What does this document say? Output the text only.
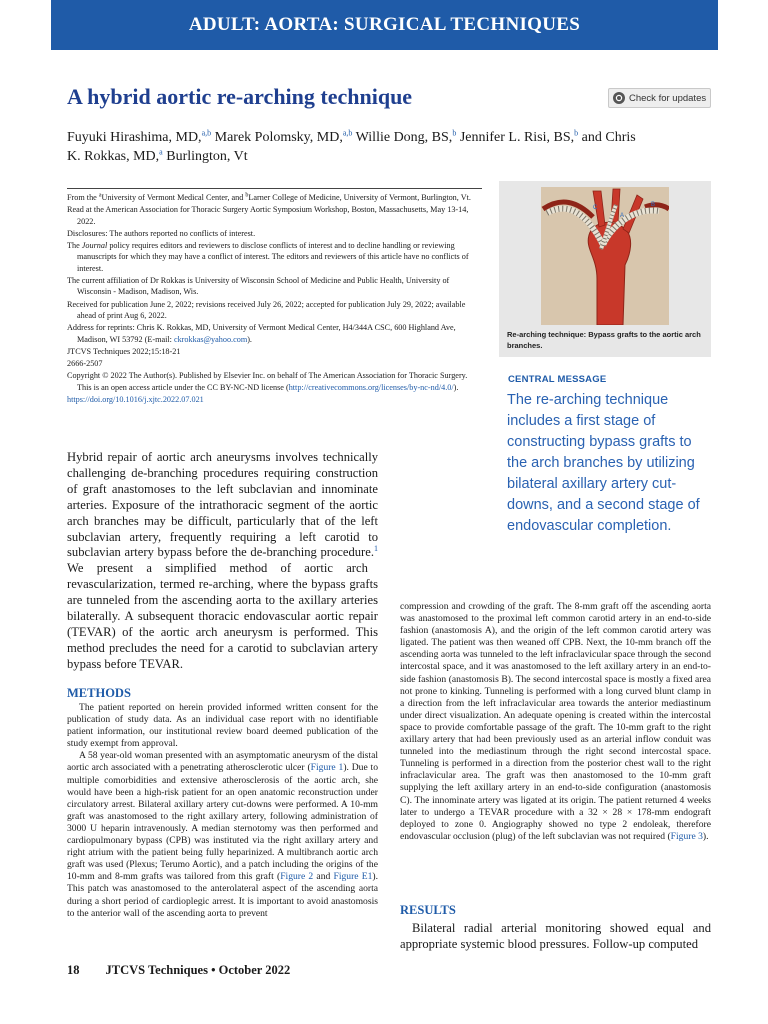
ADULT: AORTA: SURGICAL TECHNIQUES
A hybrid aortic re-arching technique	Check for updates
Fuyuki Hirashima, MD,$^{a,b}$ Marek Polomsky, MD,$^{a,b}$ Willie Dong, BS,$^b$ Jennifer L. Risi, BS,$^b$ and Chris K. Rokkas, MD,$^a$ Burlington, Vt

From the $^a$University of Vermont Medical Center, and $^b$Larner College of Medicine, University of Vermont, Burlington, Vt.

Read at the American Association for Thoracic Surgery Aortic Symposium Workshop, Boston, Massachusetts, May 13-14, 2022.

Disclosures: The authors reported no conflicts of interest.

The Journal policy requires editors and reviewers to disclose conflicts of interest and to decline handling or reviewing manuscripts for which they may have a conflict of interest. The editors and reviewers of this article have no conflicts of interest.

The current affiliation of Dr Rokkas is University of Wisconsin School of Medicine and Public Health, University of Wisconsin - Madison, Madison, Wis.

Received for publication June 2, 2022; revisions received July 26, 2022; accepted for publication July 29, 2022; available ahead of print Aug 6, 2022.

Address for reprints: Chris K. Rokkas, MD, University of Vermont Medical Center, H4/344A CSC, 600 Highland Ave, Madison, WI 53792 (E-mail: ckrokkas@yahoo.com).

JTCVS Techniques 2022;15:18-21

2666-2507

Copyright © 2022 The Author(s). Published by Elsevier Inc. on behalf of The American Association for Thoracic Surgery. This is an open access article under the CC BY-NC-ND license (http://creativecommons.org/licenses/by-nc-nd/4.0/).

https://doi.org/10.1016/j.xjtc.2022.07.021

A
B
C
Re-arching technique: Bypass grafts to the aortic arch branches.
CENTRAL MESSAGE
The re-arching technique includes a first stage of constructing bypass grafts to the arch branches by utilizing bilateral axillary artery cut-downs, and a second stage of endovascular completion.

Hybrid repair of aortic arch aneurysms involves technically challenging de-branching procedures requiring construction of graft anastomoses to the left subclavian and innominate arteries. Exposure of the intrathoracic segment of the aortic arch branches may be difficult, particularly that of the left subclavian artery, frequently requiring a left carotid to subclavian artery bypass before the de-branching procedure.$^1$ We present a simplified method of aortic arch revascularization, termed re-arching, where the bypass grafts are tunneled from the ascending aorta to the axillary arteries bilaterally. A subsequent thoracic endovascular aortic repair (TEVAR) of the aortic arch aneurysm is performed. This method precludes the need for a carotid to subclavian artery bypass before TEVAR.

METHODS

The patient reported on herein provided informed written consent for the publication of study data. As an individual case report with no identifiable patient information, our institutional review board deemed publication of the study exempt from approval.

A 58 year-old woman presented with an asymptomatic aneurysm of the distal aortic arch associated with a penetrating atherosclerotic ulcer (Figure 1). Due to multiple comorbidities and extensive atherosclerosis of the aortic arch, she would have been a high-risk patient for an open anatomic reconstruction under circulatory arrest. Bilateral axillary artery cut-downs were performed. A 10-mm graft was anastomosed to the right axillary artery, following administration of 3000 U heparin intravenously. A median sternotomy was then performed and cardiopulmonary bypass (CPB) was instituted via the right axillary artery and right atrium with the patient being fully heparinized. A multibranch aortic arch graft was used (Plexus; Terumo Aortic), and a patch including the origins of the 10-mm and 8-mm grafts was tailored from this graft (Figure 2 and Figure E1). This patch was anastomosed to the anterolateral aspect of the ascending aorta during a short period of cardioplegic arrest. It is important to avoid anastomosis to the anterior wall of the ascending aorta to prevent

compression and crowding of the graft. The 8-mm graft off the ascending aorta was anastomosed to the proximal left common carotid artery in an end-to-side fashion (anastomosis A), and the origin of the left common carotid artery was ligated. The patient was then weaned off CPB. Next, the 10-mm branch off the ascending aorta was tunneled to the left infraclavicular space through the second intercostal space, and it was anastomosed to the left axillary artery in an end-to-side fashion (anastomosis B). The second intercostal space is mostly a fixed area not prone to kinking. Tunneling is performed with a long curved blunt clamp in a direction from the left infraclavicular area towards the anterior mediastinum under direct visualization. An adequate opening is created within the intercostal space to provide comfortable passage of the graft. The 10-mm graft to the right axillary artery that had been previously used as an arterial inflow conduit was tunneled into the mediastinum through the right second intercostal space. Tunneling is performed in a direction from the posterior chest wall to the right infraclavicular area. The graft was then anastomosed to the 10-mm graft supplying the left axillary artery in an end-to-side configuration (anastomosis C). The innominate artery was ligated at its origin. The patient returned 4 weeks later to undergo a TEVAR procedure with a 32 × 28 × 178-mm endograft deployed to zone 0. Angiography showed no type 2 endoleak, therefore endovascular occlusion (plug) of the left subclavian was not required (Figure 3).

RESULTS

Bilateral radial arterial monitoring showed equal and appropriate systemic blood pressures. Follow-up computed

18 JTCVS Techniques • October 2022
